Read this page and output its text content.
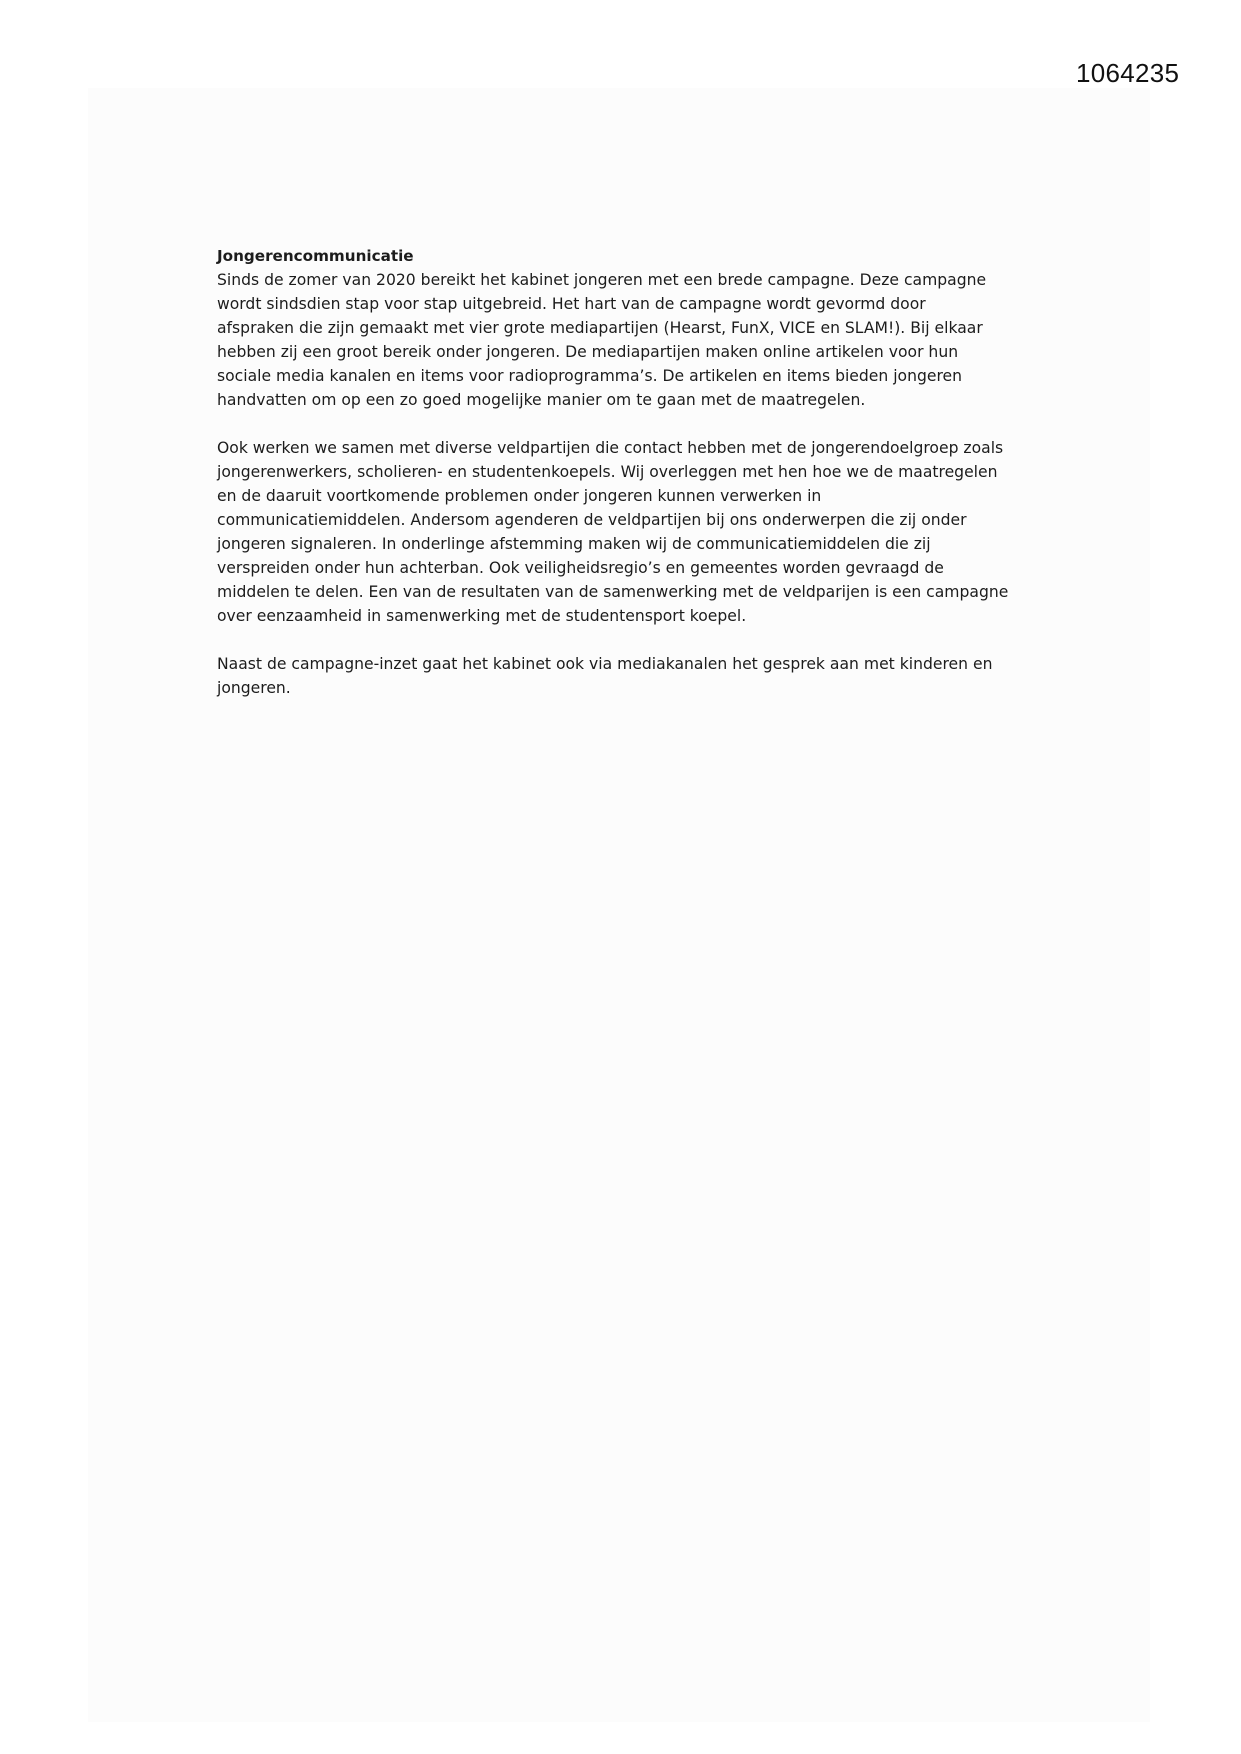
1064235

Jongerencommunicatie

Sinds de zomer van 2020 bereikt het kabinet jongeren met een brede campagne. Deze campagne
wordt sindsdien stap voor stap uitgebreid. Het hart van de campagne wordt gevormd door
afspraken die zijn gemaakt met vier grote mediapartijen (Hearst, FunX, VICE en SLAM!). Bij elkaar
hebben zij een groot bereik onder jongeren. De mediapartijen maken online artikelen voor hun
sociale media kanalen en items voor radioprogramma’s. De artikelen en items bieden jongeren
handvatten om op een zo goed mogelijke manier om te gaan met de maatregelen.

Ook werken we samen met diverse veldpartijen die contact hebben met de jongerendoelgroep zoals
jongerenwerkers, scholieren- en studentenkoepels. Wij overleggen met hen hoe we de maatregelen
en de daaruit voortkomende problemen onder jongeren kunnen verwerken in
communicatiemiddelen. Andersom agenderen de veldpartijen bij ons onderwerpen die zij onder
jongeren signaleren. In onderlinge afstemming maken wij de communicatiemiddelen die zij
verspreiden onder hun achterban. Ook veiligheidsregio’s en gemeentes worden gevraagd de
middelen te delen. Een van de resultaten van de samenwerking met de veldparijen is een campagne
over eenzaamheid in samenwerking met de studentensport koepel.

Naast de campagne-inzet gaat het kabinet ook via mediakanalen het gesprek aan met kinderen en
jongeren.
